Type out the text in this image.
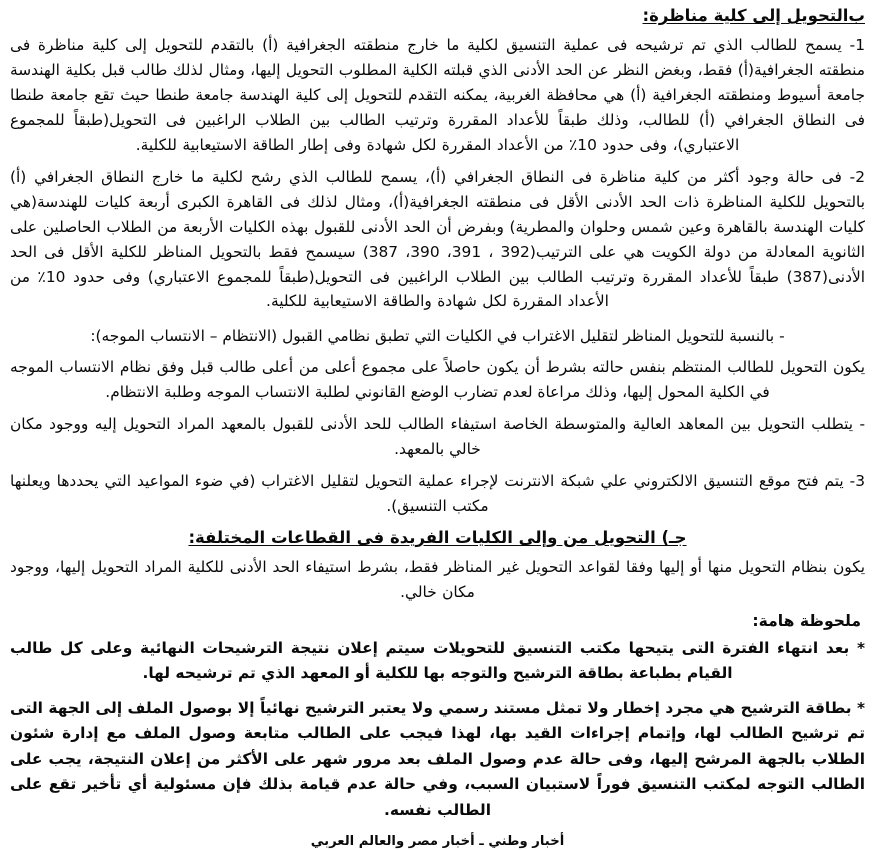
ب‌التحويل إلى كلية مناظرة:

1- يسمح للطالب الذي تم ترشيحه فى عملية التنسيق لكلية ما خارج منطقته الجغرافية (أ) بالتقدم للتحويل إلى كلية مناظرة فى منطقته الجغرافية(أ) فقط، وبغض النظر عن الحد الأدنى الذي قبلته الكلية المطلوب التحويل إليها، ومثال لذلك طالب قبل بكلية الهندسة جامعة أسيوط ومنطقته الجغرافية (أ) هي محافظة الغربية، يمكنه التقدم للتحويل إلى كلية الهندسة جامعة طنطا حيث تقع جامعة طنطا فى النطاق الجغرافي (أ) للطالب، وذلك طبقاً للأعداد المقررة وترتيب الطالب بين الطلاب الراغبين فى التحويل(طبقاً للمجموع الاعتباري)، وفى حدود 10٪ من الأعداد المقررة لكل شهادة وفى إطار الطاقة الاستيعابية للكلية.

2- فى حالة وجود أكثر من كلية مناظرة فى النطاق الجغرافي (أ)، يسمح للطالب الذي رشح لكلية ما خارج النطاق الجغرافي (أ) بالتحويل للكلية المناظرة ذات الحد الأدنى الأقل فى منطقته الجغرافية(أ)، ومثال لذلك فى القاهرة الكبرى أربعة كليات للهندسة(هي كليات الهندسة بالقاهرة وعين شمس وحلوان والمطرية) وبفرض أن الحد الأدنى للقبول بهذه الكليات الأربعة من الطلاب الحاصلين على الثانوية المعادلة من دولة الكويت هي على الترتيب(392 ، 391، 390، 387) سيسمح فقط بالتحويل المناظر للكلية الأقل فى الحد الأدنى(387) طبقاً للأعداد المقررة وترتيب الطالب بين الطلاب الراغبين فى التحويل(طبقاً للمجموع الاعتباري) وفى حدود 10٪ من الأعداد المقررة لكل شهادة والطاقة الاستيعابية للكلية.

- بالنسبة للتحويل المناظر لتقليل الاغتراب في الكليات التي تطبق نظامي القبول (الانتظام – الانتساب الموجه):

يكون التحويل للطالب المنتظم بنفس حالته بشرط أن يكون حاصلاً على مجموع أعلى من أعلى طالب قبل وفق نظام الانتساب الموجه في الكلية المحول إليها، وذلك مراعاة لعدم تضارب الوضع القانوني لطلبة الانتساب الموجه وطلبة الانتظام.

- يتطلب التحويل بين المعاهد العالية والمتوسطة الخاصة استيفاء الطالب للحد الأدنى للقبول بالمعهد المراد التحويل إليه ووجود مكان خالي بالمعهد.

3- يتم فتح موقع التنسيق الالكتروني علي شبكة الانترنت لإجراء عملية التحويل لتقليل الاغتراب (في ضوء المواعيد التي يحددها ويعلنها مكتب التنسيق).

جـ) التحويل من وإلى الكليات الفريدة فى القطاعات المختلفة:

يكون بنظام التحويل منها أو إليها وفقا لقواعد التحويل غير المناظر فقط، بشرط استيفاء الحد الأدنى للكلية المراد التحويل إليها، ووجود مكان خالي.

ملحوظة هامة:

* بعد انتهاء الفترة التى يتيحها مكتب التنسيق للتحويلات سيتم إعلان نتيجة الترشيحات النهائية وعلى كل طالب القيام بطباعة بطاقة الترشيح والتوجه بها للكلية أو المعهد الذي تم ترشيحه لها.

* بطاقة الترشيح هي مجرد إخطار ولا تمثل مستند رسمي ولا يعتبر الترشيح نهائياً إلا بوصول الملف إلى الجهة التى تم ترشيح الطالب لها، وإتمام إجراءات القيد بها، لهذا فيجب على الطالب متابعة وصول الملف مع إدارة شئون الطلاب بالجهة المرشح إليها، وفى حالة عدم وصول الملف بعد مرور شهر على الأكثر من إعلان النتيجة، يجب على الطالب التوجه لمكتب التنسيق فوراً لاستبيان السبب، وفي حالة عدم قيامة بذلك فإن مسئولية أي تأخير تقع على الطالب نفسه.

أخبار وطني ـ أخبار مصر والعالم العربي
